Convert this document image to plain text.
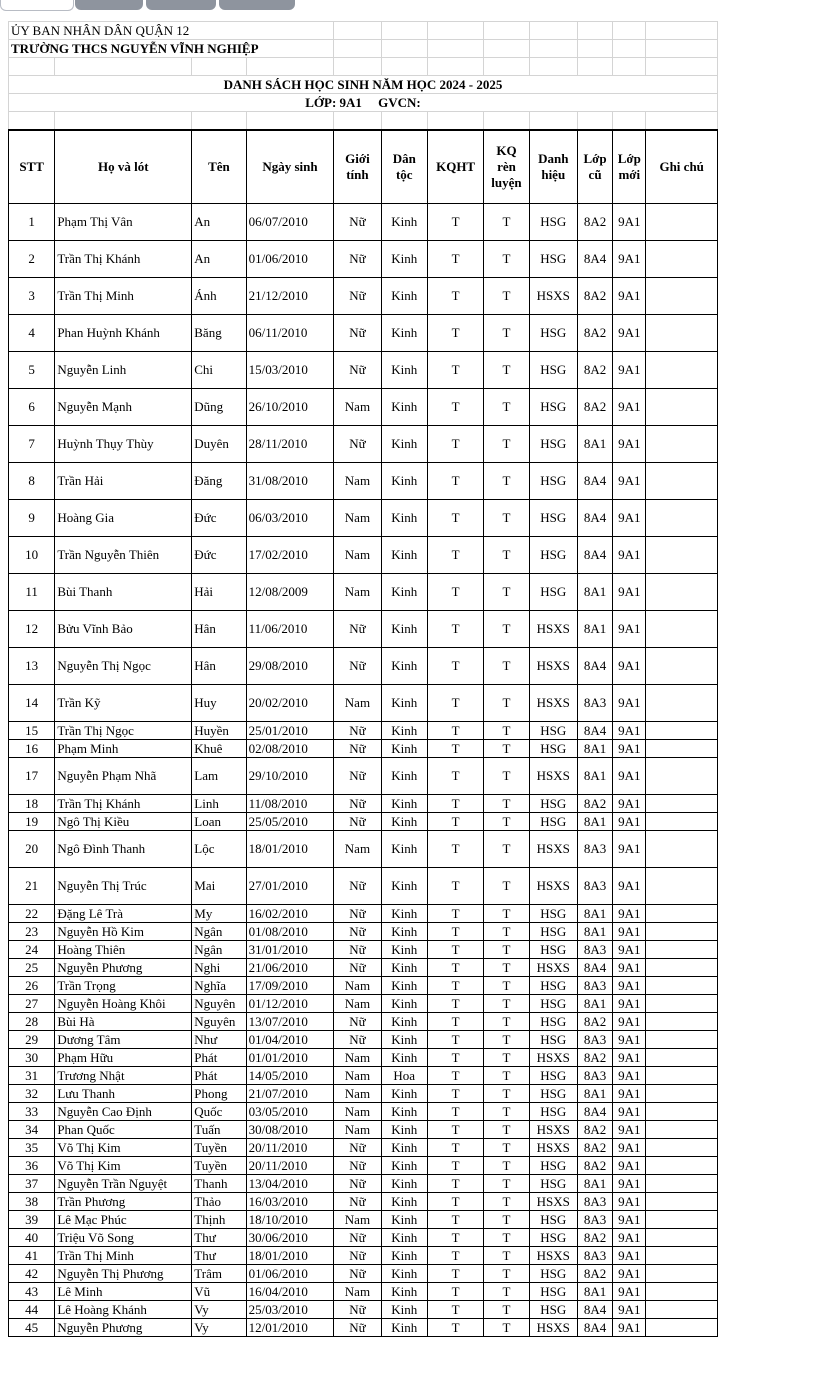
ỦY BAN NHÂN DÂN QUẬN 12											
TRƯỜNG THCS NGUYỄN VĨNH NGHIỆP											

DANH SÁCH HỌC SINH NĂM HỌC 2024 - 2025											
LỚP: 9A1     GVCN:											

STT	Họ và lót	Tên	Ngày sinh	Giới tính	Dân tộc	KQHT	KQ rèn luyện	Danh hiệu	Lớp cũ	Lớp mới	Ghi chú
1	Phạm Thị Vân	An	06/07/2010	Nữ	Kinh	T	T	HSG	8A2	9A1	
2	Trần Thị Khánh	An	01/06/2010	Nữ	Kinh	T	T	HSG	8A4	9A1	
3	Trần Thị Minh	Ánh	21/12/2010	Nữ	Kinh	T	T	HSXS	8A2	9A1	
4	Phan Huỳnh Khánh	Băng	06/11/2010	Nữ	Kinh	T	T	HSG	8A2	9A1	
5	Nguyễn Linh	Chi	15/03/2010	Nữ	Kinh	T	T	HSG	8A2	9A1	
6	Nguyễn Mạnh	Dũng	26/10/2010	Nam	Kinh	T	T	HSG	8A2	9A1	
7	Huỳnh Thụy Thùy	Duyên	28/11/2010	Nữ	Kinh	T	T	HSG	8A1	9A1	
8	Trần Hải	Đăng	31/08/2010	Nam	Kinh	T	T	HSG	8A4	9A1	
9	Hoàng Gia	Đức	06/03/2010	Nam	Kinh	T	T	HSG	8A4	9A1	
10	Trần Nguyễn Thiên	Đức	17/02/2010	Nam	Kinh	T	T	HSG	8A4	9A1	
11	Bùi Thanh	Hải	12/08/2009	Nam	Kinh	T	T	HSG	8A1	9A1	
12	Bửu Vĩnh Bảo	Hân	11/06/2010	Nữ	Kinh	T	T	HSXS	8A1	9A1	
13	Nguyễn Thị Ngọc	Hân	29/08/2010	Nữ	Kinh	T	T	HSXS	8A4	9A1	
14	Trần Kỹ	Huy	20/02/2010	Nam	Kinh	T	T	HSXS	8A3	9A1	
15	Trần Thị Ngọc	Huyền	25/01/2010	Nữ	Kinh	T	T	HSG	8A4	9A1	
16	Phạm Minh	Khuê	02/08/2010	Nữ	Kinh	T	T	HSG	8A1	9A1	
17	Nguyễn Phạm Nhã	Lam	29/10/2010	Nữ	Kinh	T	T	HSXS	8A1	9A1	
18	Trần Thị Khánh	Linh	11/08/2010	Nữ	Kinh	T	T	HSG	8A2	9A1	
19	Ngô Thị Kiều	Loan	25/05/2010	Nữ	Kinh	T	T	HSG	8A1	9A1	
20	Ngô Đình Thanh	Lộc	18/01/2010	Nam	Kinh	T	T	HSXS	8A3	9A1	
21	Nguyễn Thị Trúc	Mai	27/01/2010	Nữ	Kinh	T	T	HSXS	8A3	9A1	
22	Đặng Lê Trà	My	16/02/2010	Nữ	Kinh	T	T	HSG	8A1	9A1	
23	Nguyễn Hồ Kim	Ngân	01/08/2010	Nữ	Kinh	T	T	HSG	8A1	9A1	
24	Hoàng Thiên	Ngân	31/01/2010	Nữ	Kinh	T	T	HSG	8A3	9A1	
25	Nguyễn Phương	Nghi	21/06/2010	Nữ	Kinh	T	T	HSXS	8A4	9A1	
26	Trần Trọng	Nghĩa	17/09/2010	Nam	Kinh	T	T	HSG	8A3	9A1	
27	Nguyễn Hoàng Khôi	Nguyên	01/12/2010	Nam	Kinh	T	T	HSG	8A1	9A1	
28	Bùi Hà	Nguyên	13/07/2010	Nữ	Kinh	T	T	HSG	8A2	9A1	
29	Dương Tâm	Như	01/04/2010	Nữ	Kinh	T	T	HSG	8A3	9A1	
30	Phạm Hữu	Phát	01/01/2010	Nam	Kinh	T	T	HSXS	8A2	9A1	
31	Trương Nhật	Phát	14/05/2010	Nam	Hoa	T	T	HSG	8A3	9A1	
32	Lưu Thanh	Phong	21/07/2010	Nam	Kinh	T	T	HSG	8A1	9A1	
33	Nguyễn Cao Định	Quốc	03/05/2010	Nam	Kinh	T	T	HSG	8A4	9A1	
34	Phan Quốc	Tuấn	30/08/2010	Nam	Kinh	T	T	HSXS	8A2	9A1	
35	Võ Thị Kim	Tuyền	20/11/2010	Nữ	Kinh	T	T	HSXS	8A2	9A1	
36	Võ Thị Kim	Tuyền	20/11/2010	Nữ	Kinh	T	T	HSG	8A2	9A1	
37	Nguyễn Trần Nguyệt	Thanh	13/04/2010	Nữ	Kinh	T	T	HSG	8A1	9A1	
38	Trần Phương	Thảo	16/03/2010	Nữ	Kinh	T	T	HSXS	8A3	9A1	
39	Lê Mạc Phúc	Thịnh	18/10/2010	Nam	Kinh	T	T	HSG	8A3	9A1	
40	Triệu Võ Song	Thư	30/06/2010	Nữ	Kinh	T	T	HSG	8A2	9A1	
41	Trần Thị Minh	Thư	18/01/2010	Nữ	Kinh	T	T	HSXS	8A3	9A1	
42	Nguyễn Thị Phương	Trâm	01/06/2010	Nữ	Kinh	T	T	HSG	8A2	9A1	
43	Lê Minh	Vũ	16/04/2010	Nam	Kinh	T	T	HSG	8A1	9A1	
44	Lê Hoàng Khánh	Vy	25/03/2010	Nữ	Kinh	T	T	HSG	8A4	9A1	
45	Nguyễn Phương	Vy	12/01/2010	Nữ	Kinh	T	T	HSXS	8A4	9A1	
